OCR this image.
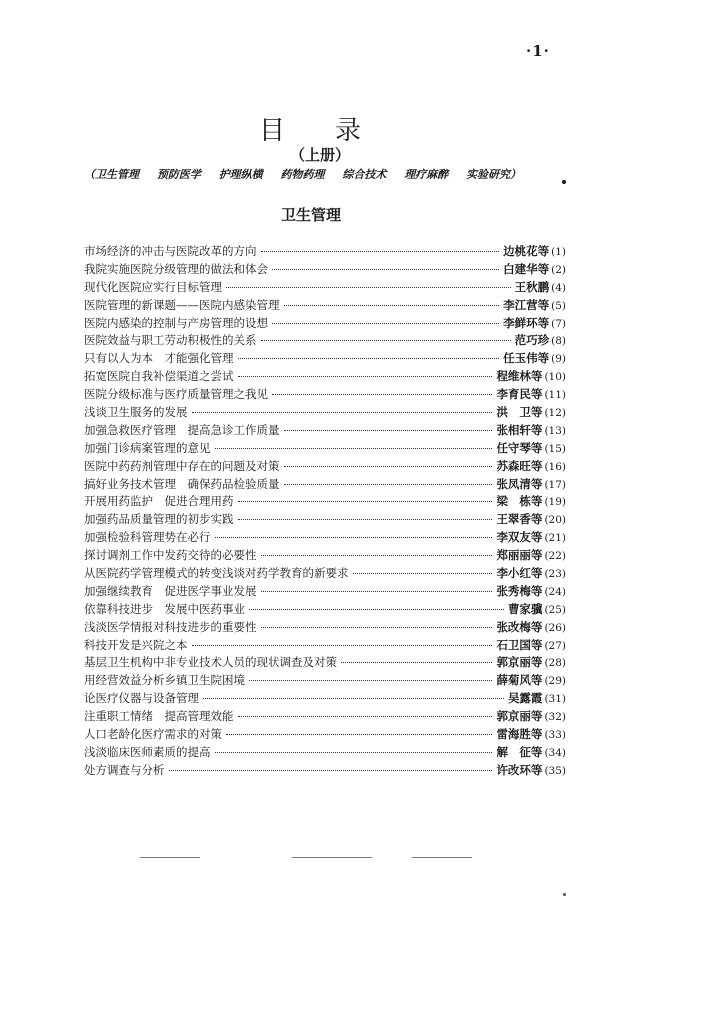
·1·
目录
（上册）
（卫生管理 预防医学 护理纵横 药物药理 综合技术 理疗麻醉 实验研究）
卫生管理
市场经济的冲击与医院改革的方向	边桃花等 (1)
我院实施医院分级管理的做法和体会	白建华等 (2)
现代化医院应实行目标管理	王秋鹏 (4)
医院管理的新课题——医院内感染管理	李江营等 (5)
医院内感染的控制与产房管理的设想	李鲜环等 (7)
医院效益与职工劳动积极性的关系	范巧珍 (8)
只有以人为本　才能强化管理	任玉伟等 (9)
拓宽医院自我补偿渠道之尝试	程维林等 (10)
医院分级标准与医疗质量管理之我见	李育民等 (11)
浅谈卫生服务的发展	洪　卫等 (12)
加强急救医疗管理　提高急诊工作质量	张相轩等 (13)
加强门诊病案管理的意见	任守琴等 (15)
医院中药药剂管理中存在的问题及对策	苏森旺等 (16)
搞好业务技术管理　确保药品检验质量	张凤清等 (17)
开展用药监护　促进合理用药	梁　栋等 (19)
加强药品质量管理的初步实践	王翠香等 (20)
加强检验科管理势在必行	李双友等 (21)
探讨调剂工作中发药交待的必要性	郑丽丽等 (22)
从医院药学管理模式的转变浅谈对药学教育的新要求	李小红等 (23)
加强继续教育　促进医学事业发展	张秀梅等 (24)
依靠科技进步　发展中医药事业	曹家骥 (25)
浅淡医学情报对科技进步的重要性	张改梅等 (26)
科技开发是兴院之本	石卫国等 (27)
基层卫生机构中非专业技术人员的现状调查及对策	郭京丽等 (28)
用经营效益分析乡镇卫生院困境	薛菊风等 (29)
论医疗仪器与设备管理	吴露霞 (31)
注重职工情绪　提高管理效能	郭京丽等 (32)
人口老龄化医疗需求的对策	雷海胜等 (33)
浅淡临床医师素质的提高	解　征等 (34)
处方调查与分析	许改环等 (35)
